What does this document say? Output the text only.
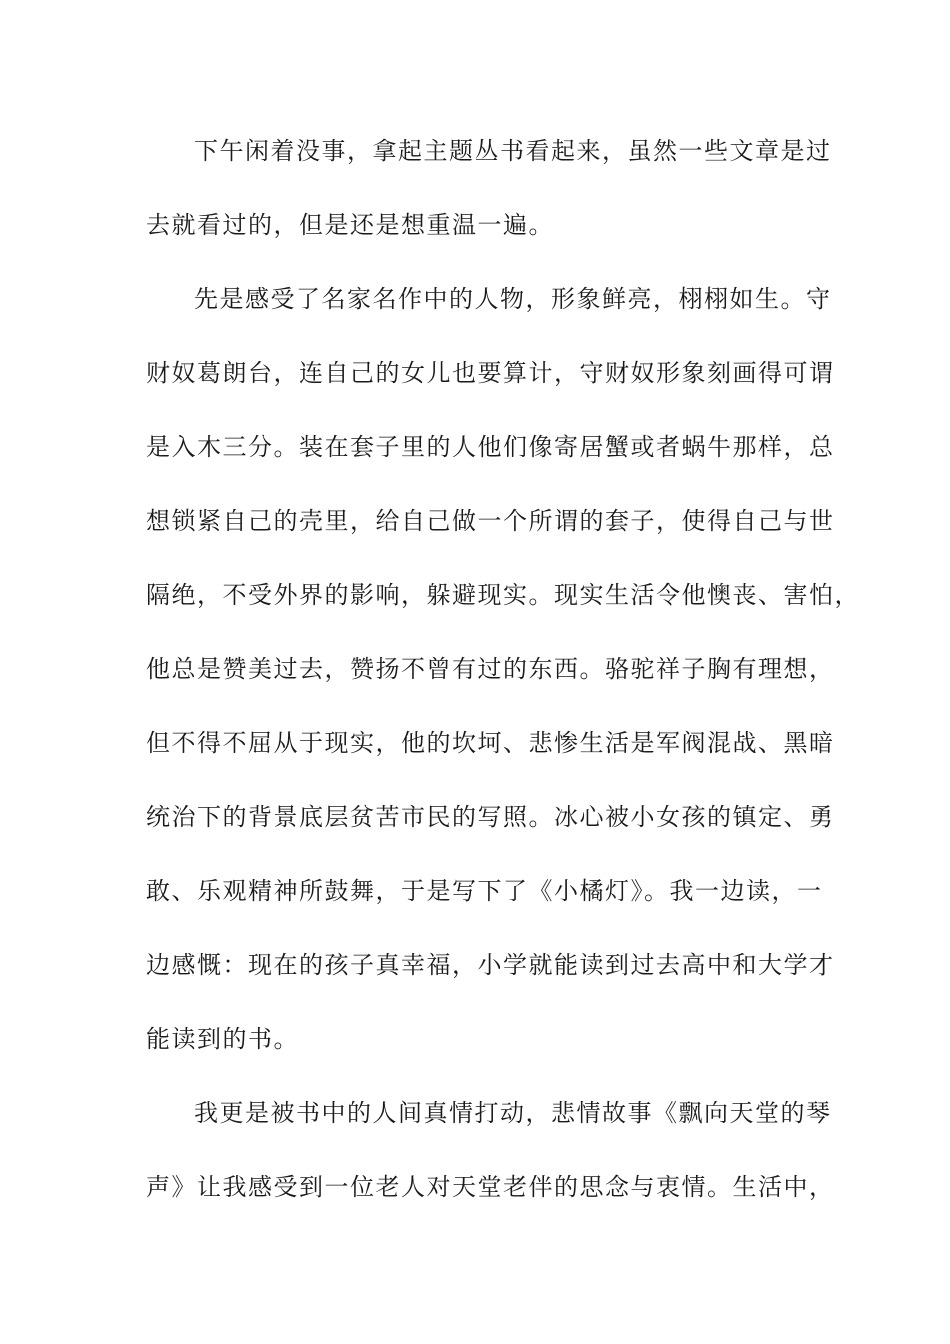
下午闲着没事，拿起主题丛书看起来，虽然一些文章是过
去就看过的，但是还是想重温一遍。
先是感受了名家名作中的人物，形象鲜亮，栩栩如生。守
财奴葛朗台，连自己的女儿也要算计，守财奴形象刻画得可谓
是入木三分。装在套子里的人他们像寄居蟹或者蜗牛那样，总
想锁紧自己的壳里，给自己做一个所谓的套子，使得自己与世
隔绝，不受外界的影响，躲避现实。现实生活令他懊丧、害怕，
他总是赞美过去，赞扬不曾有过的东西。骆驼祥子胸有理想，
但不得不屈从于现实，他的坎坷、悲惨生活是军阀混战、黑暗
统治下的背景底层贫苦市民的写照。冰心被小女孩的镇定、勇
敢、乐观精神所鼓舞，于是写下了《小橘灯》。我一边读，一
边感慨：现在的孩子真幸福，小学就能读到过去高中和大学才
能读到的书。
我更是被书中的人间真情打动，悲情故事《飘向天堂的琴
声》让我感受到一位老人对天堂老伴的思念与衷情。生活中，
